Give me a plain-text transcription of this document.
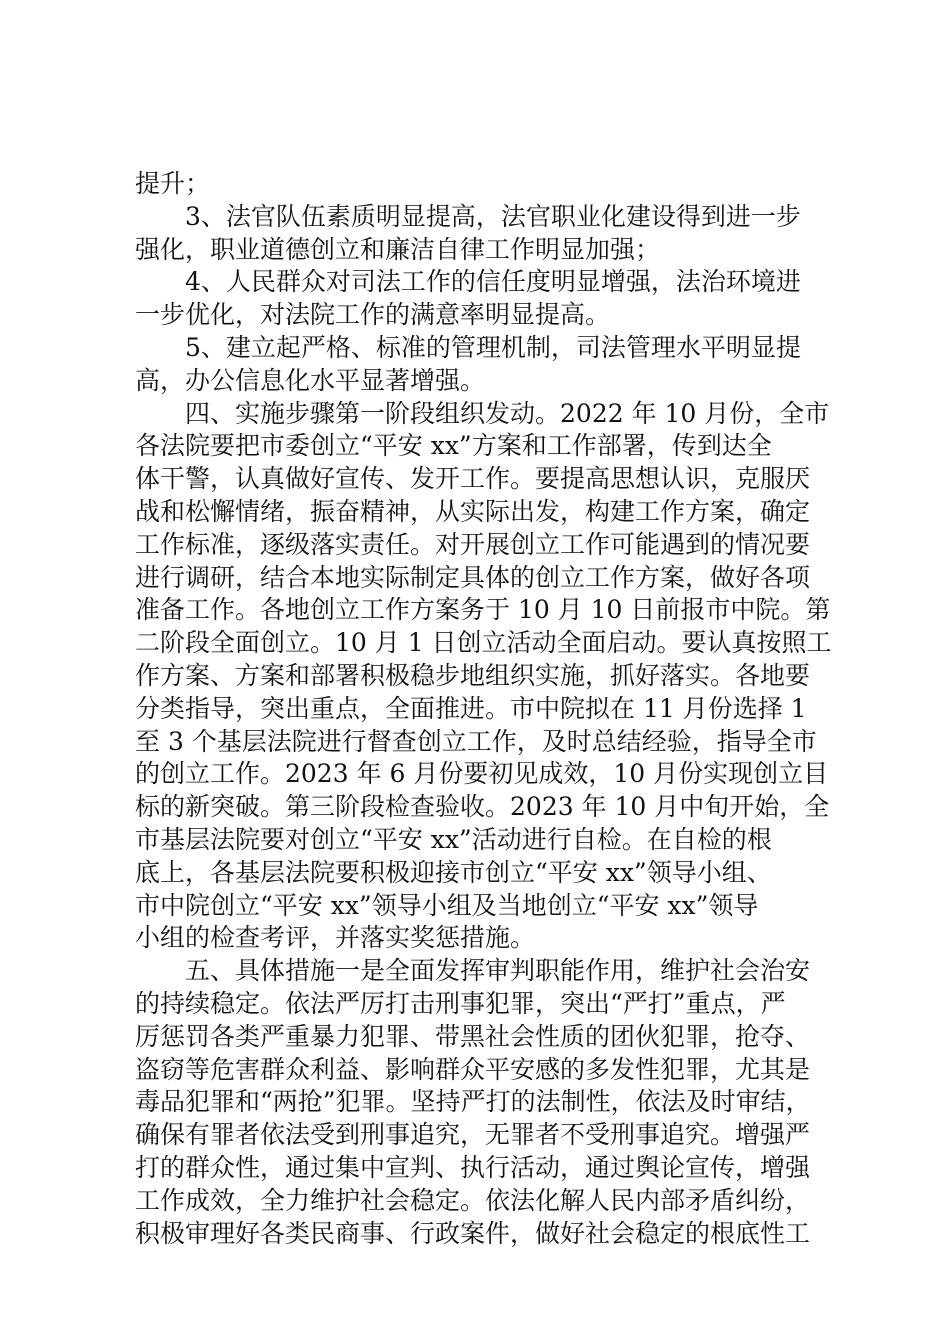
提升；
3、法官队伍素质明显提高，法官职业化建设得到进一步
强化，职业道德创立和廉洁自律工作明显加强；
4、人民群众对司法工作的信任度明显增强，法治环境进
一步优化，对法院工作的满意率明显提高。
5、建立起严格、标准的管理机制，司法管理水平明显提
高，办公信息化水平显著增强。
四、实施步骤第一阶段组织发动。2022 年 10 月份，全市
各法院要把市委创立“平安 xx”方案和工作部署，传到达全
体干警，认真做好宣传、发开工作。要提高思想认识，克服厌
战和松懈情绪，振奋精神，从实际出发，构建工作方案，确定
工作标准，逐级落实责任。对开展创立工作可能遇到的情况要
进行调研，结合本地实际制定具体的创立工作方案，做好各项
准备工作。各地创立工作方案务于 10 月 10 日前报市中院。第
二阶段全面创立。10 月 1 日创立活动全面启动。要认真按照工
作方案、方案和部署积极稳步地组织实施，抓好落实。各地要
分类指导，突出重点，全面推进。市中院拟在 11 月份选择 1
至 3 个基层法院进行督查创立工作，及时总结经验，指导全市
的创立工作。2023 年 6 月份要初见成效，10 月份实现创立目
标的新突破。第三阶段检查验收。2023 年 10 月中旬开始，全
市基层法院要对创立“平安 xx”活动进行自检。在自检的根
底上，各基层法院要积极迎接市创立“平安 xx”领导小组、
市中院创立“平安 xx”领导小组及当地创立“平安 xx”领导
小组的检查考评，并落实奖惩措施。
五、具体措施一是全面发挥审判职能作用，维护社会治安
的持续稳定。依法严厉打击刑事犯罪，突出“严打”重点，严
厉惩罚各类严重暴力犯罪、带黑社会性质的团伙犯罪，抢夺、
盗窃等危害群众利益、影响群众平安感的多发性犯罪，尤其是
毒品犯罪和“两抢”犯罪。坚持严打的法制性，依法及时审结，
确保有罪者依法受到刑事追究，无罪者不受刑事追究。增强严
打的群众性，通过集中宣判、执行活动，通过舆论宣传，增强
工作成效，全力维护社会稳定。依法化解人民内部矛盾纠纷，
积极审理好各类民商事、行政案件，做好社会稳定的根底性工
